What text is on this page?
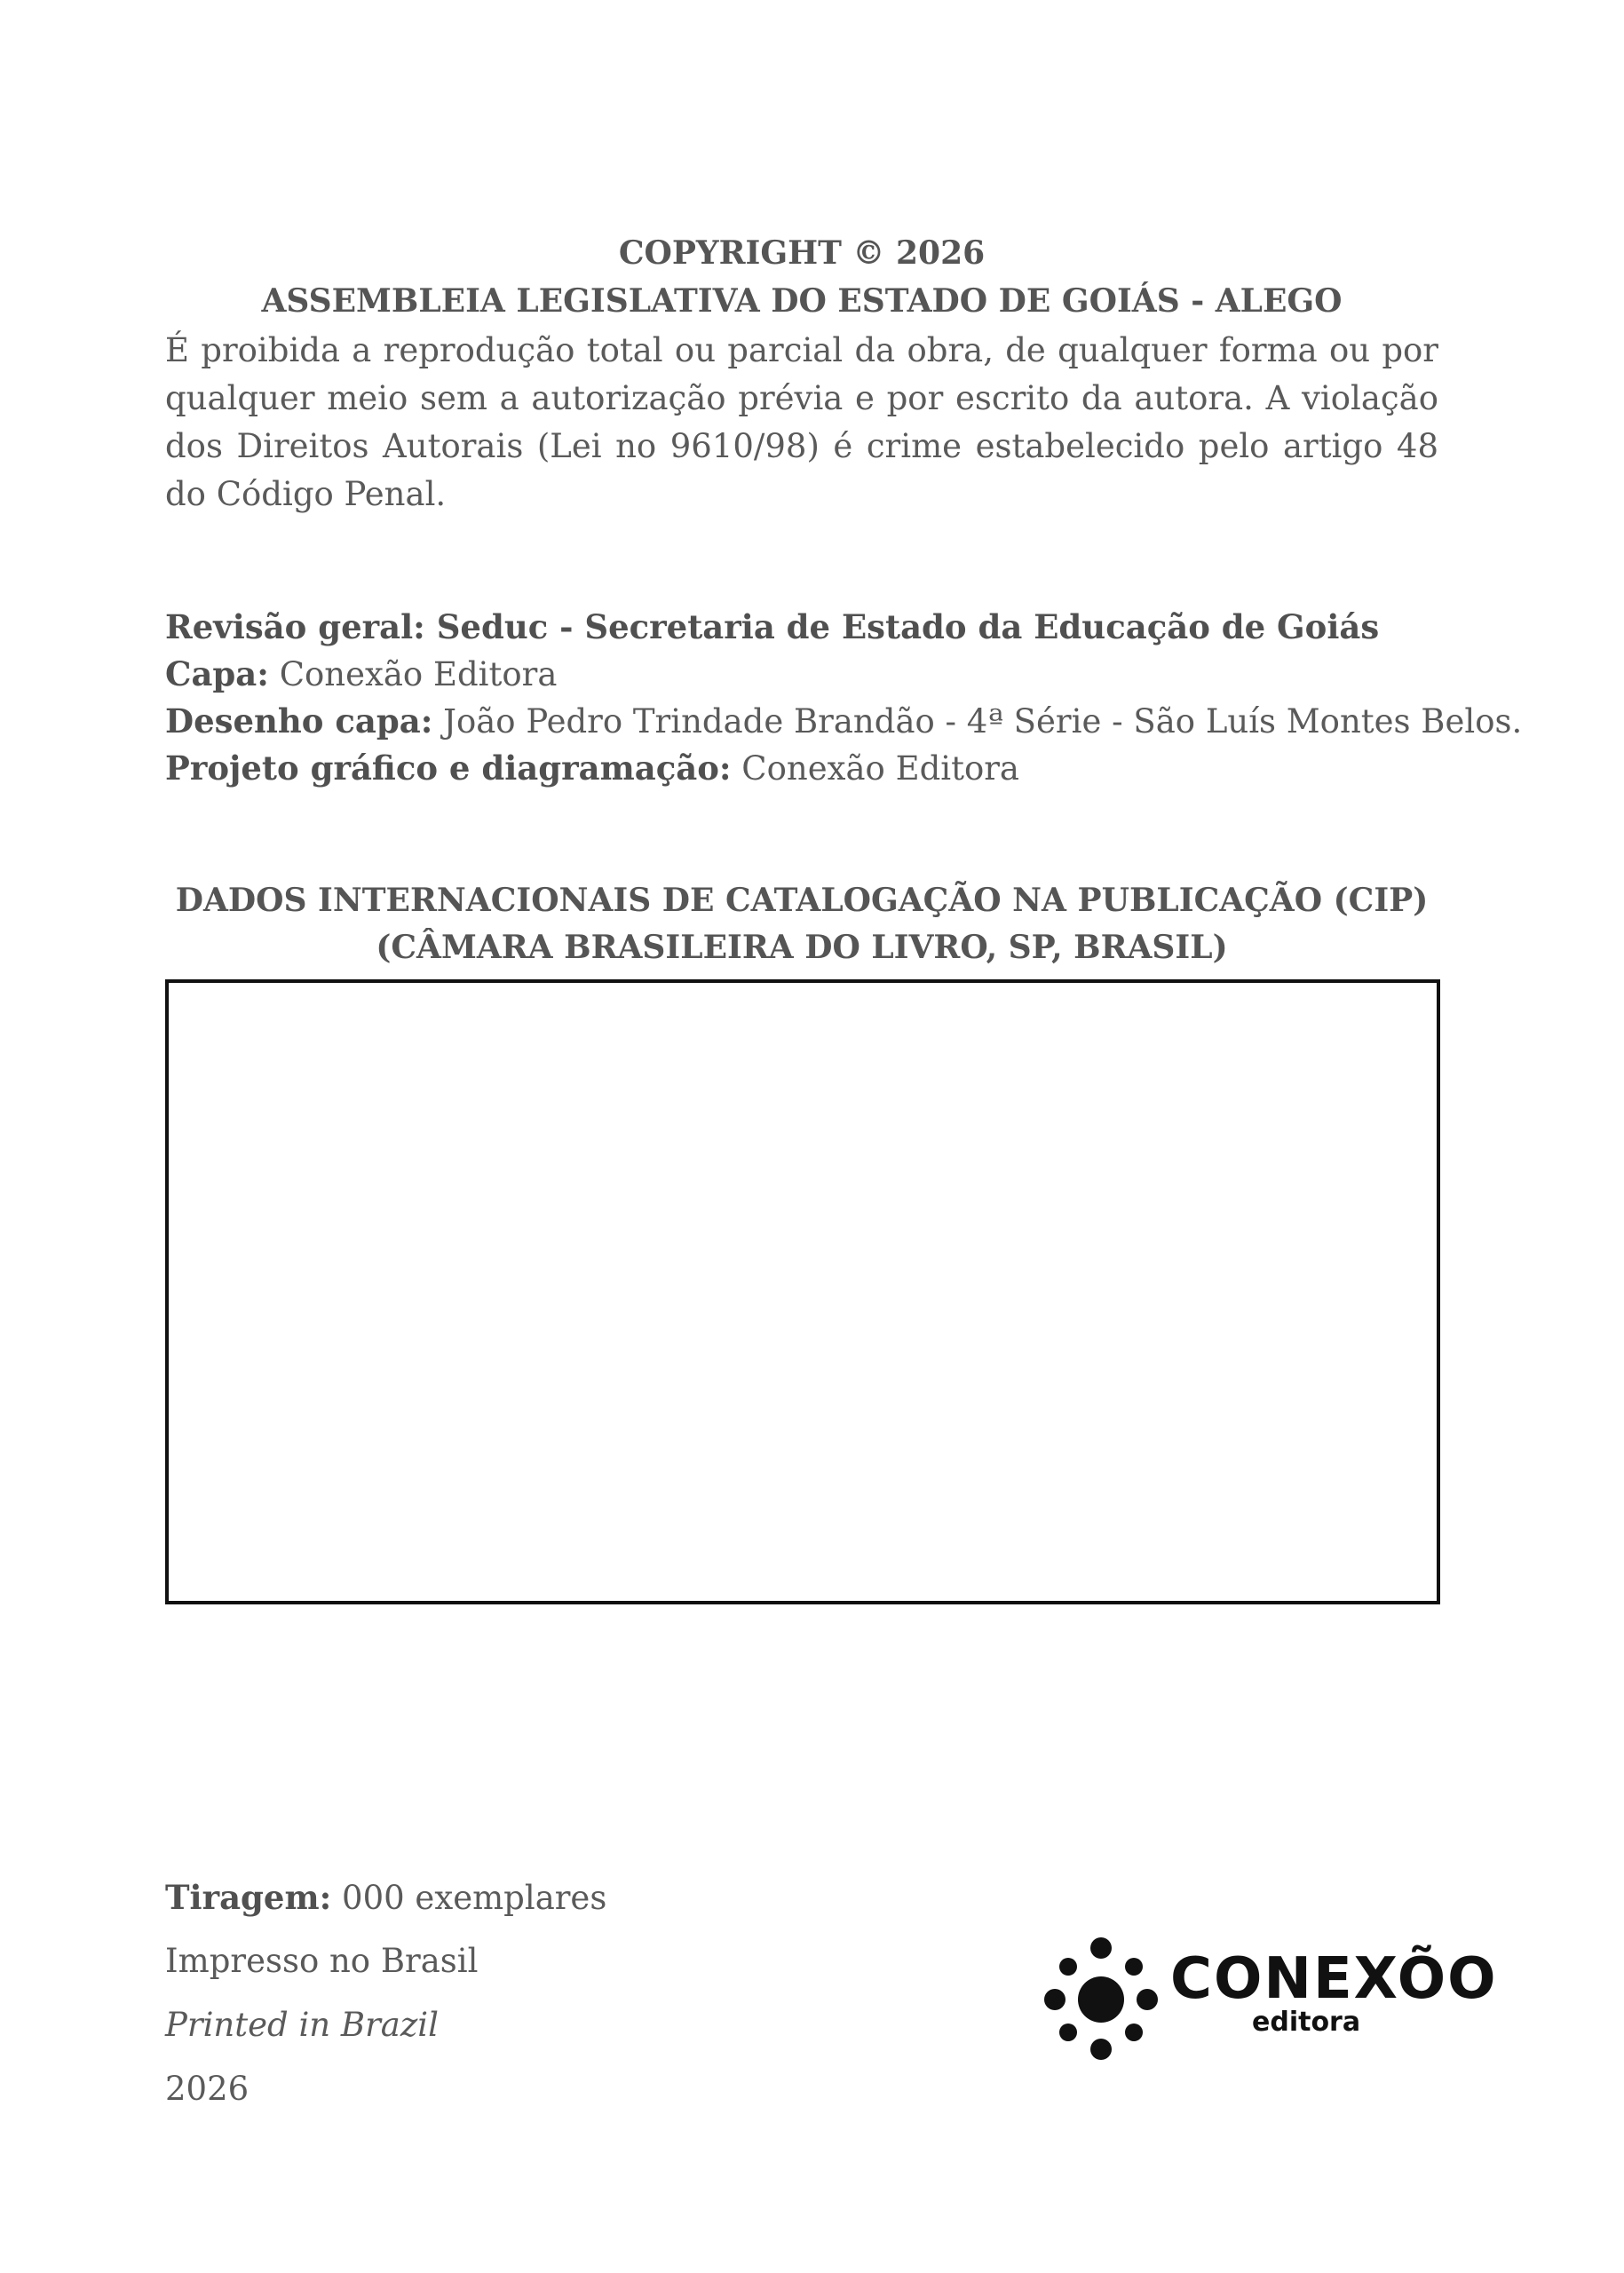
COPYRIGHT © 2026
ASSEMBLEIA LEGISLATIVA DO ESTADO DE GOIÁS - ALEGO
É proibida a reprodução total ou parcial da obra, de qualquer forma ou por qualquer meio sem a autorização prévia e por escrito da autora. A violação dos Direitos Autorais (Lei no 9610/98) é crime estabelecido pelo artigo 48 do Código Penal.
Revisão geral: Seduc - Secretaria de Estado da Educação de Goiás
Capa: Conexão Editora
Desenho capa: João Pedro Trindade Brandão - 4ª Série - São Luís Montes Belos.
Projeto gráfico e diagramação: Conexão Editora
DADOS INTERNACIONAIS DE CATALOGAÇÃO NA PUBLICAÇÃO (CIP)
(CÂMARA BRASILEIRA DO LIVRO, SP, BRASIL)
Tiragem: 000 exemplares
Impresso no Brasil
Printed in Brazil
2026
CONEXÕO
editora
